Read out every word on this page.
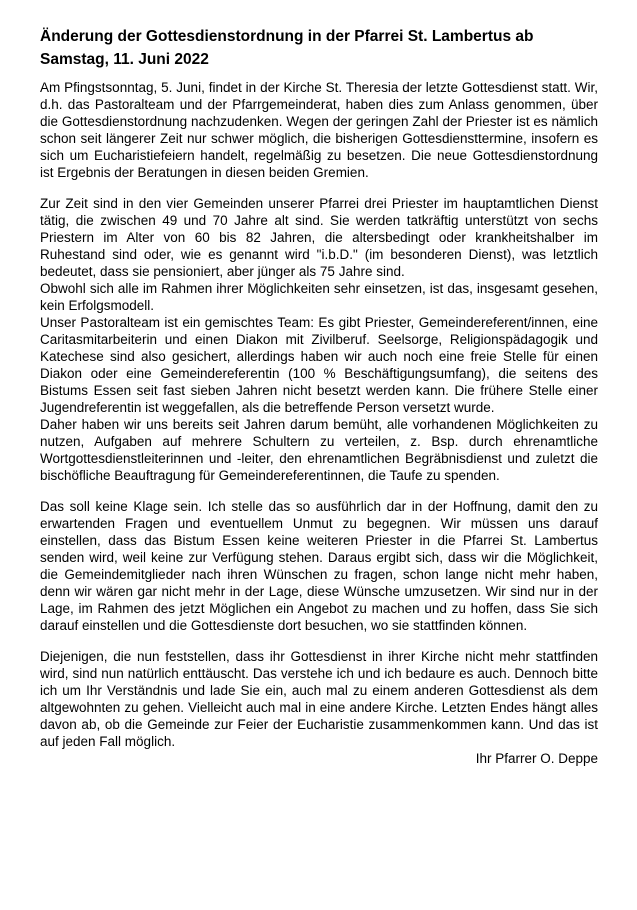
Änderung der Gottesdienstordnung in der Pfarrei St. Lambertus ab
Samstag, 11. Juni 2022

Am Pfingstsonntag, 5. Juni, findet in der Kirche St. Theresia der letzte Gottesdienst statt. Wir, d.h. das Pastoralteam und der Pfarrgemeinderat, haben dies zum Anlass genommen, über die Gottesdienstordnung nachzudenken. Wegen der geringen Zahl der Priester ist es nämlich schon seit längerer Zeit nur schwer möglich, die bisherigen Gottesdiensttermine, insofern es sich um Eucharistiefeiern handelt, regelmäßig zu besetzen. Die neue Gottesdienstordnung ist Ergebnis der Beratungen in diesen beiden Gremien.

Zur Zeit sind in den vier Gemeinden unserer Pfarrei drei Priester im hauptamtlichen Dienst tätig, die zwischen 49 und 70 Jahre alt sind. Sie werden tatkräftig unterstützt von sechs Priestern im Alter von 60 bis 82 Jahren, die altersbedingt oder krankheitshalber im Ruhestand sind oder, wie es genannt wird "i.b.D." (im besonderen Dienst), was letztlich bedeutet, dass sie pensioniert, aber jünger als 75 Jahre sind.

Obwohl sich alle im Rahmen ihrer Möglichkeiten sehr einsetzen, ist das, insgesamt gesehen, kein Erfolgsmodell.

Unser Pastoralteam ist ein gemischtes Team: Es gibt Priester, Gemeindereferent/innen, eine Caritasmitarbeiterin und einen Diakon mit Zivilberuf. Seelsorge, Religionspädagogik und Katechese sind also gesichert, allerdings haben wir auch noch eine freie Stelle für einen Diakon oder eine Gemeindereferentin (100 % Beschäftigungsumfang), die seitens des Bistums Essen seit fast sieben Jahren nicht besetzt werden kann. Die frühere Stelle einer Jugendreferentin ist weggefallen, als die betreffende Person versetzt wurde.

Daher haben wir uns bereits seit Jahren darum bemüht, alle vorhandenen Möglichkeiten zu nutzen, Aufgaben auf mehrere Schultern zu verteilen, z. Bsp. durch ehrenamtliche Wortgottesdienstleiterinnen und -leiter, den ehrenamtlichen Begräbnisdienst und zuletzt die bischöfliche Beauftragung für Gemeindereferentinnen, die Taufe zu spenden.

Das soll keine Klage sein. Ich stelle das so ausführlich dar in der Hoffnung, damit den zu erwartenden Fragen und eventuellem Unmut zu begegnen. Wir müssen uns darauf einstellen, dass das Bistum Essen keine weiteren Priester in die Pfarrei St. Lambertus senden wird, weil keine zur Verfügung stehen. Daraus ergibt sich, dass wir die Möglichkeit, die Gemeindemitglieder nach ihren Wünschen zu fragen, schon lange nicht mehr haben, denn wir wären gar nicht mehr in der Lage, diese Wünsche umzusetzen. Wir sind nur in der Lage, im Rahmen des jetzt Möglichen ein Angebot zu machen und zu hoffen, dass Sie sich darauf einstellen und die Gottesdienste dort besuchen, wo sie stattfinden können.

Diejenigen, die nun feststellen, dass ihr Gottesdienst in ihrer Kirche nicht mehr stattfinden wird, sind nun natürlich enttäuscht. Das verstehe ich und ich bedaure es auch. Dennoch bitte ich um Ihr Verständnis und lade Sie ein, auch mal zu einem anderen Gottesdienst als dem altgewohnten zu gehen. Vielleicht auch mal in eine andere Kirche. Letzten Endes hängt alles davon ab, ob die Gemeinde zur Feier der Eucharistie zusammenkommen kann. Und das ist auf jeden Fall möglich.

Ihr Pfarrer O. Deppe
